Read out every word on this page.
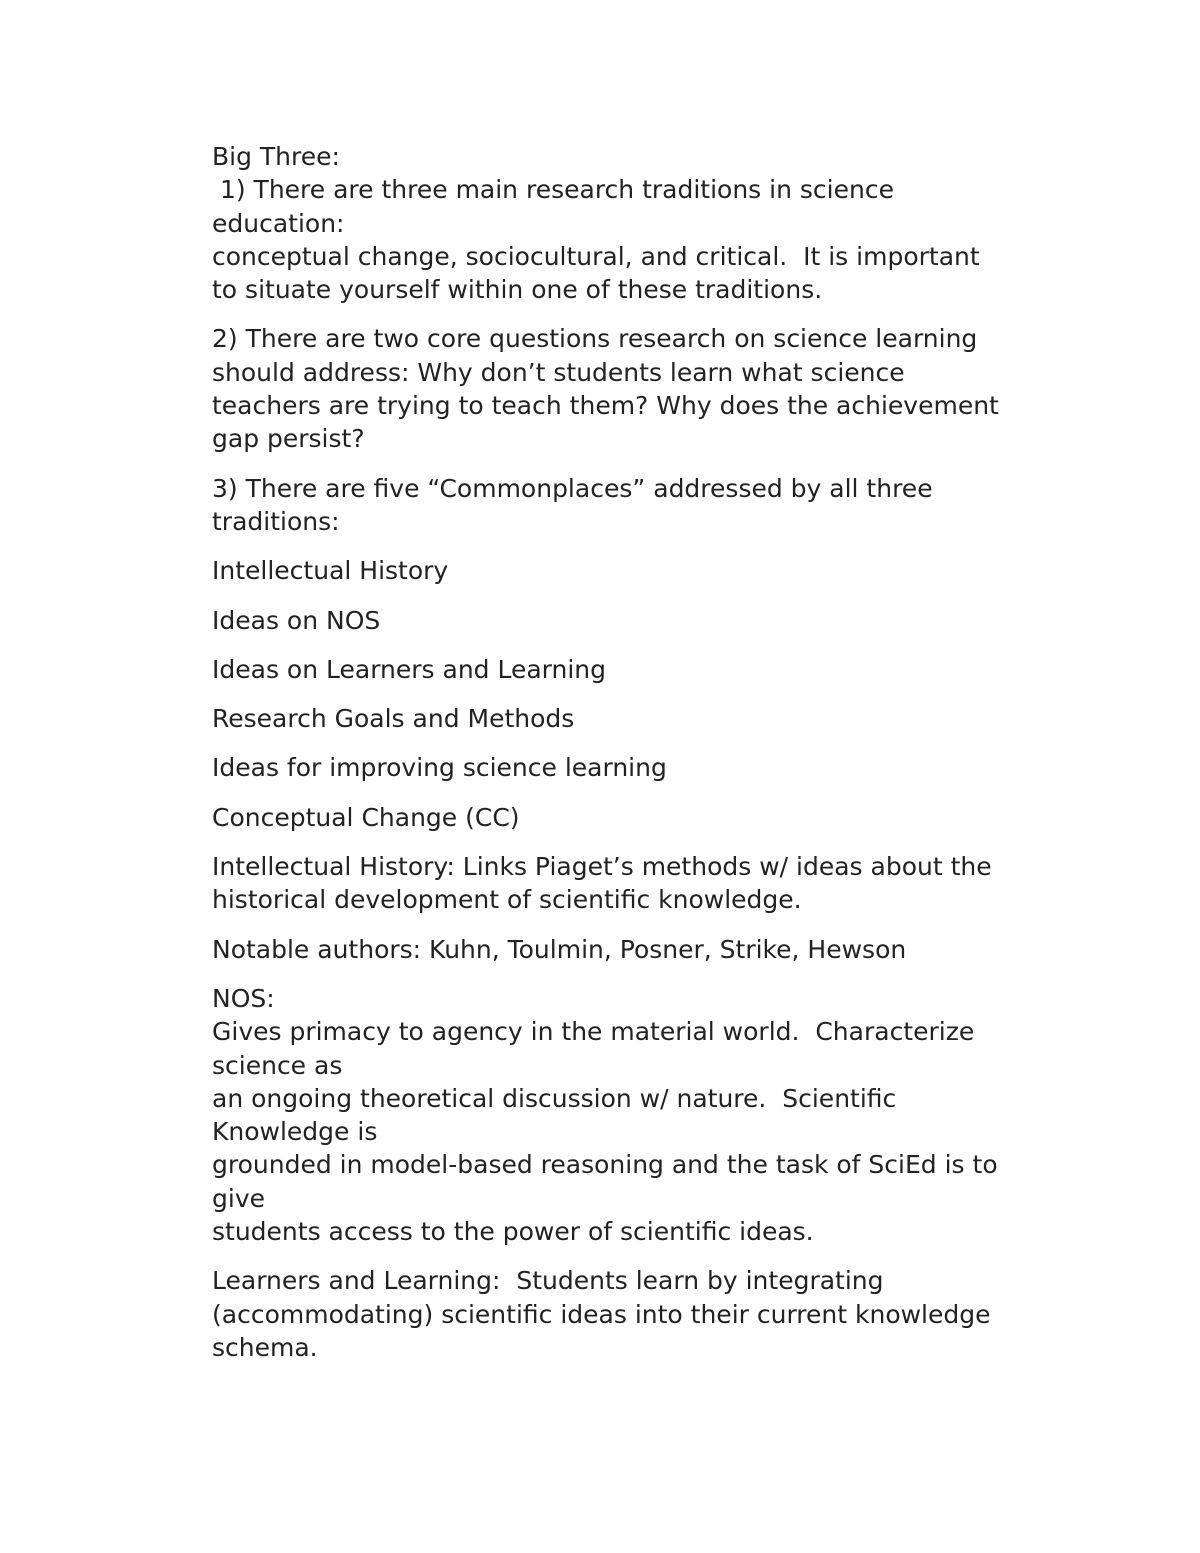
Big Three:
1) There are three main research traditions in science
education:
conceptual change, sociocultural, and critical.  It is important
to situate yourself within one of these traditions.
2) There are two core questions research on science learning
should address: Why don’t students learn what science
teachers are trying to teach them? Why does the achievement
gap persist?
3) There are five “Commonplaces” addressed by all three
traditions:
Intellectual History
Ideas on NOS
Ideas on Learners and Learning
Research Goals and Methods
Ideas for improving science learning
Conceptual Change (CC)
Intellectual History: Links Piaget’s methods w/ ideas about the
historical development of scientific knowledge.
Notable authors: Kuhn, Toulmin, Posner, Strike, Hewson
NOS:
Gives primacy to agency in the material world.  Characterize
science as
an ongoing theoretical discussion w/ nature.  Scientific
Knowledge is
grounded in model-based reasoning and the task of SciEd is to
give
students access to the power of scientific ideas.
Learners and Learning:  Students learn by integrating
(accommodating) scientific ideas into their current knowledge
schema.
